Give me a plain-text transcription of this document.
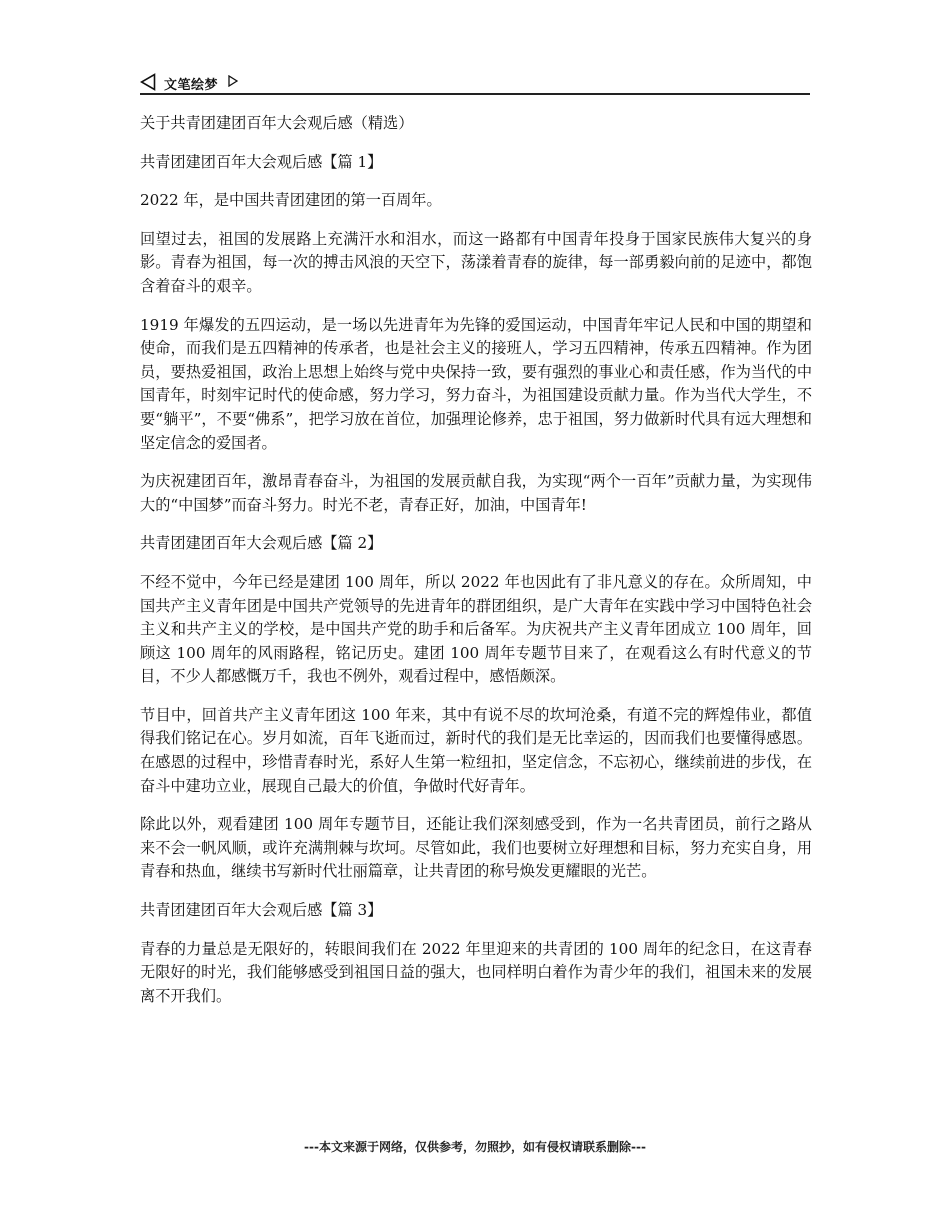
文笔绘梦

关于共青团建团百年大会观后感（精选）

共青团建团百年大会观后感【篇 1】

2022 年，是中国共青团建团的第一百周年。

回望过去，祖国的发展路上充满汗水和泪水，而这一路都有中国青年投身于国家民族伟大复兴的身影。青春为祖国，每一次的搏击风浪的天空下，荡漾着青春的旋律，每一部勇毅向前的足迹中，都饱含着奋斗的艰辛。

1919 年爆发的五四运动，是一场以先进青年为先锋的爱国运动，中国青年牢记人民和中国的期望和使命，而我们是五四精神的传承者，也是社会主义的接班人，学习五四精神，传承五四精神。作为团员，要热爱祖国，政治上思想上始终与党中央保持一致，要有强烈的事业心和责任感，作为当代的中国青年，时刻牢记时代的使命感，努力学习，努力奋斗，为祖国建设贡献力量。作为当代大学生，不要“躺平”，不要“佛系”，把学习放在首位，加强理论修养，忠于祖国，努力做新时代具有远大理想和坚定信念的爱国者。

为庆祝建团百年，激昂青春奋斗，为祖国的发展贡献自我，为实现“两个一百年”贡献力量，为实现伟大的“中国梦”而奋斗努力。时光不老，青春正好，加油，中国青年!

共青团建团百年大会观后感【篇 2】

不经不觉中，今年已经是建团 100 周年，所以 2022 年也因此有了非凡意义的存在。众所周知，中国共产主义青年团是中国共产党领导的先进青年的群团组织，是广大青年在实践中学习中国特色社会主义和共产主义的学校，是中国共产党的助手和后备军。为庆祝共产主义青年团成立 100 周年，回顾这 100 周年的风雨路程，铭记历史。建团 100 周年专题节目来了，在观看这么有时代意义的节目，不少人都感慨万千，我也不例外，观看过程中，感悟颇深。

节目中，回首共产主义青年团这 100 年来，其中有说不尽的坎坷沧桑，有道不完的辉煌伟业，都值得我们铭记在心。岁月如流，百年飞逝而过，新时代的我们是无比幸运的，因而我们也要懂得感恩。在感恩的过程中，珍惜青春时光，系好人生第一粒纽扣，坚定信念，不忘初心，继续前进的步伐，在奋斗中建功立业，展现自己最大的价值，争做时代好青年。

除此以外，观看建团 100 周年专题节目，还能让我们深刻感受到，作为一名共青团员，前行之路从来不会一帆风顺，或许充满荆棘与坎坷。尽管如此，我们也要树立好理想和目标，努力充实自身，用青春和热血，继续书写新时代壮丽篇章，让共青团的称号焕发更耀眼的光芒。

共青团建团百年大会观后感【篇 3】

青春的力量总是无限好的，转眼间我们在 2022 年里迎来的共青团的 100 周年的纪念日，在这青春无限好的时光，我们能够感受到祖国日益的强大，也同样明白着作为青少年的我们，祖国未来的发展离不开我们。

---本文来源于网络，仅供参考，勿照抄，如有侵权请联系删除---
